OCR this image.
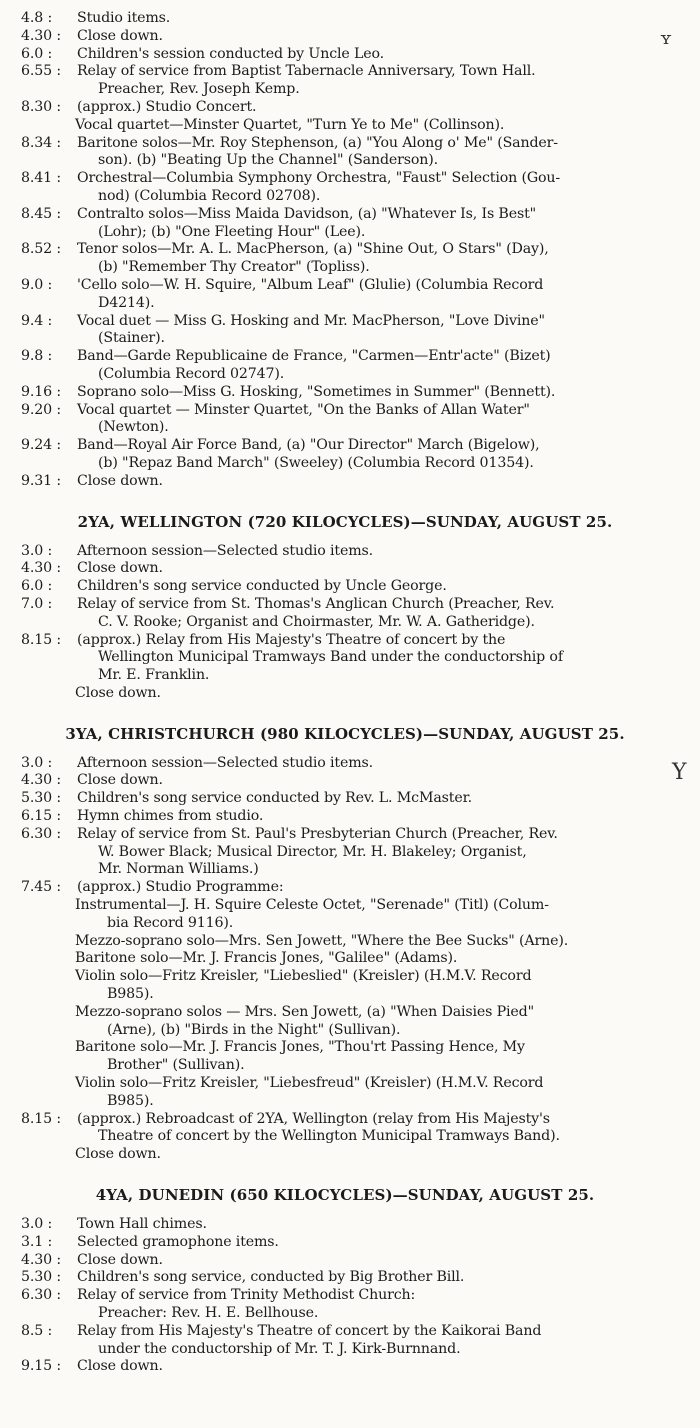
4.8 :	Studio items.
4.30 :	Close down.
6.0 :	Children's session conducted by Uncle Leo.
6.55 :	Relay of service from Baptist Tabernacle Anniversary, Town Hall.
Preacher, Rev. Joseph Kemp.
8.30 :	(approx.) Studio Concert.
Vocal quartet—Minster Quartet, "Turn Ye to Me" (Collinson).
8.34 :	Baritone solos—Mr. Roy Stephenson, (a) "You Along o' Me" (Sander-
son). (b) "Beating Up the Channel" (Sanderson).
8.41 :	Orchestral—Columbia Symphony Orchestra, "Faust" Selection (Gou-
nod) (Columbia Record 02708).
8.45 :	Contralto solos—Miss Maida Davidson, (a) "Whatever Is, Is Best"
(Lohr); (b) "One Fleeting Hour" (Lee).
8.52 :	Tenor solos—Mr. A. L. MacPherson, (a) "Shine Out, O Stars" (Day),
(b) "Remember Thy Creator" (Topliss).
9.0 :	'Cello solo—W. H. Squire, "Album Leaf" (Glulie) (Columbia Record
D4214).
9.4 :	Vocal duet — Miss G. Hosking and Mr. MacPherson, "Love Divine"
(Stainer).
9.8 :	Band—Garde Republicaine de France, "Carmen—Entr'acte" (Bizet)
(Columbia Record 02747).
9.16 :	Soprano solo—Miss G. Hosking, "Sometimes in Summer" (Bennett).
9.20 :	Vocal quartet — Minster Quartet, "On the Banks of Allan Water"
(Newton).
9.24 :	Band—Royal Air Force Band, (a) "Our Director" March (Bigelow),
(b) "Repaz Band March" (Sweeley) (Columbia Record 01354).
9.31 :	Close down.
2YA, WELLINGTON (720 KILOCYCLES)—SUNDAY, AUGUST 25.
3.0 :	Afternoon session—Selected studio items.
4.30 :	Close down.
6.0 :	Children's song service conducted by Uncle George.
7.0 :	Relay of service from St. Thomas's Anglican Church (Preacher, Rev.
C. V. Rooke; Organist and Choirmaster, Mr. W. A. Gatheridge).
8.15 :	(approx.) Relay from His Majesty's Theatre of concert by the
Wellington Municipal Tramways Band under the conductorship of
Mr. E. Franklin.
Close down.
3YA, CHRISTCHURCH (980 KILOCYCLES)—SUNDAY, AUGUST 25.
3.0 :	Afternoon session—Selected studio items.
4.30 :	Close down.
5.30 :	Children's song service conducted by Rev. L. McMaster.
6.15 :	Hymn chimes from studio.
6.30 :	Relay of service from St. Paul's Presbyterian Church (Preacher, Rev.
W. Bower Black; Musical Director, Mr. H. Blakeley; Organist,
Mr. Norman Williams.)
7.45 :	(approx.) Studio Programme:
Instrumental—J. H. Squire Celeste Octet, "Serenade" (Titl) (Colum-
bia Record 9116).
Mezzo-soprano solo—Mrs. Sen Jowett, "Where the Bee Sucks" (Arne).
Baritone solo—Mr. J. Francis Jones, "Galilee" (Adams).
Violin solo—Fritz Kreisler, "Liebeslied" (Kreisler) (H.M.V. Record
B985).
Mezzo-soprano solos — Mrs. Sen Jowett, (a) "When Daisies Pied"
(Arne), (b) "Birds in the Night" (Sullivan).
Baritone solo—Mr. J. Francis Jones, "Thou'rt Passing Hence, My
Brother" (Sullivan).
Violin solo—Fritz Kreisler, "Liebesfreud" (Kreisler) (H.M.V. Record
B985).
8.15 :	(approx.) Rebroadcast of 2YA, Wellington (relay from His Majesty's
Theatre of concert by the Wellington Municipal Tramways Band).
Close down.
4YA, DUNEDIN (650 KILOCYCLES)—SUNDAY, AUGUST 25.
3.0 :	Town Hall chimes.
3.1 :	Selected gramophone items.
4.30 :	Close down.
5.30 :	Children's song service, conducted by Big Brother Bill.
6.30 :	Relay of service from Trinity Methodist Church:
Preacher: Rev. H. E. Bellhouse.
8.5 :	Relay from His Majesty's Theatre of concert by the Kaikorai Band
under the conductorship of Mr. T. J. Kirk-Burnnand.
9.15 :	Close down.
ʏ
Y
